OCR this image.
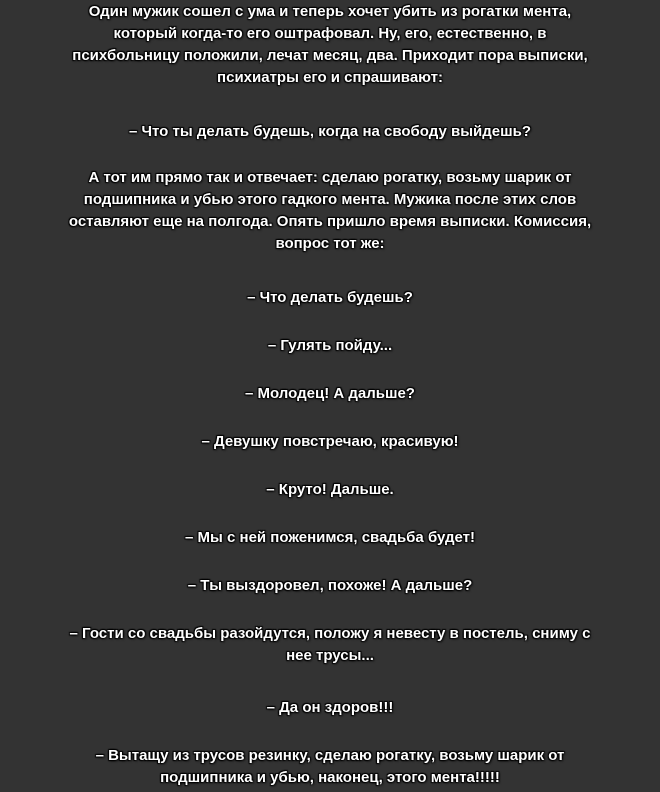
Один мужик сошел с ума и теперь хочет убить из рогатки мента,
который когда-то его оштрафовал. Ну, его, естественно, в
психбольницу положили, лечат месяц, два. Приходит пора выписки,
психиатры его и спрашивают:

– Что ты делать будешь, когда на свободу выйдешь?

А тот им прямо так и отвечает: сделаю рогатку, возьму шарик от
подшипника и убью этого гадкого мента. Мужика после этих слов
оставляют еще на полгода. Опять пришло время выписки. Комиссия,
вопрос тот же:

– Что делать будешь?

– Гулять пойду...

– Молодец! А дальше?

– Девушку повстречаю, красивую!

– Круто! Дальше.

– Мы с ней поженимся, свадьба будет!

– Ты выздоровел, похоже! А дальше?

– Гости со свадьбы разойдутся, положу я невесту в постель, сниму с
нее трусы...

– Да он здоров!!!

– Вытащу из трусов резинку, сделаю рогатку, возьму шарик от
подшипника и убью, наконец, этого мента!!!!!
